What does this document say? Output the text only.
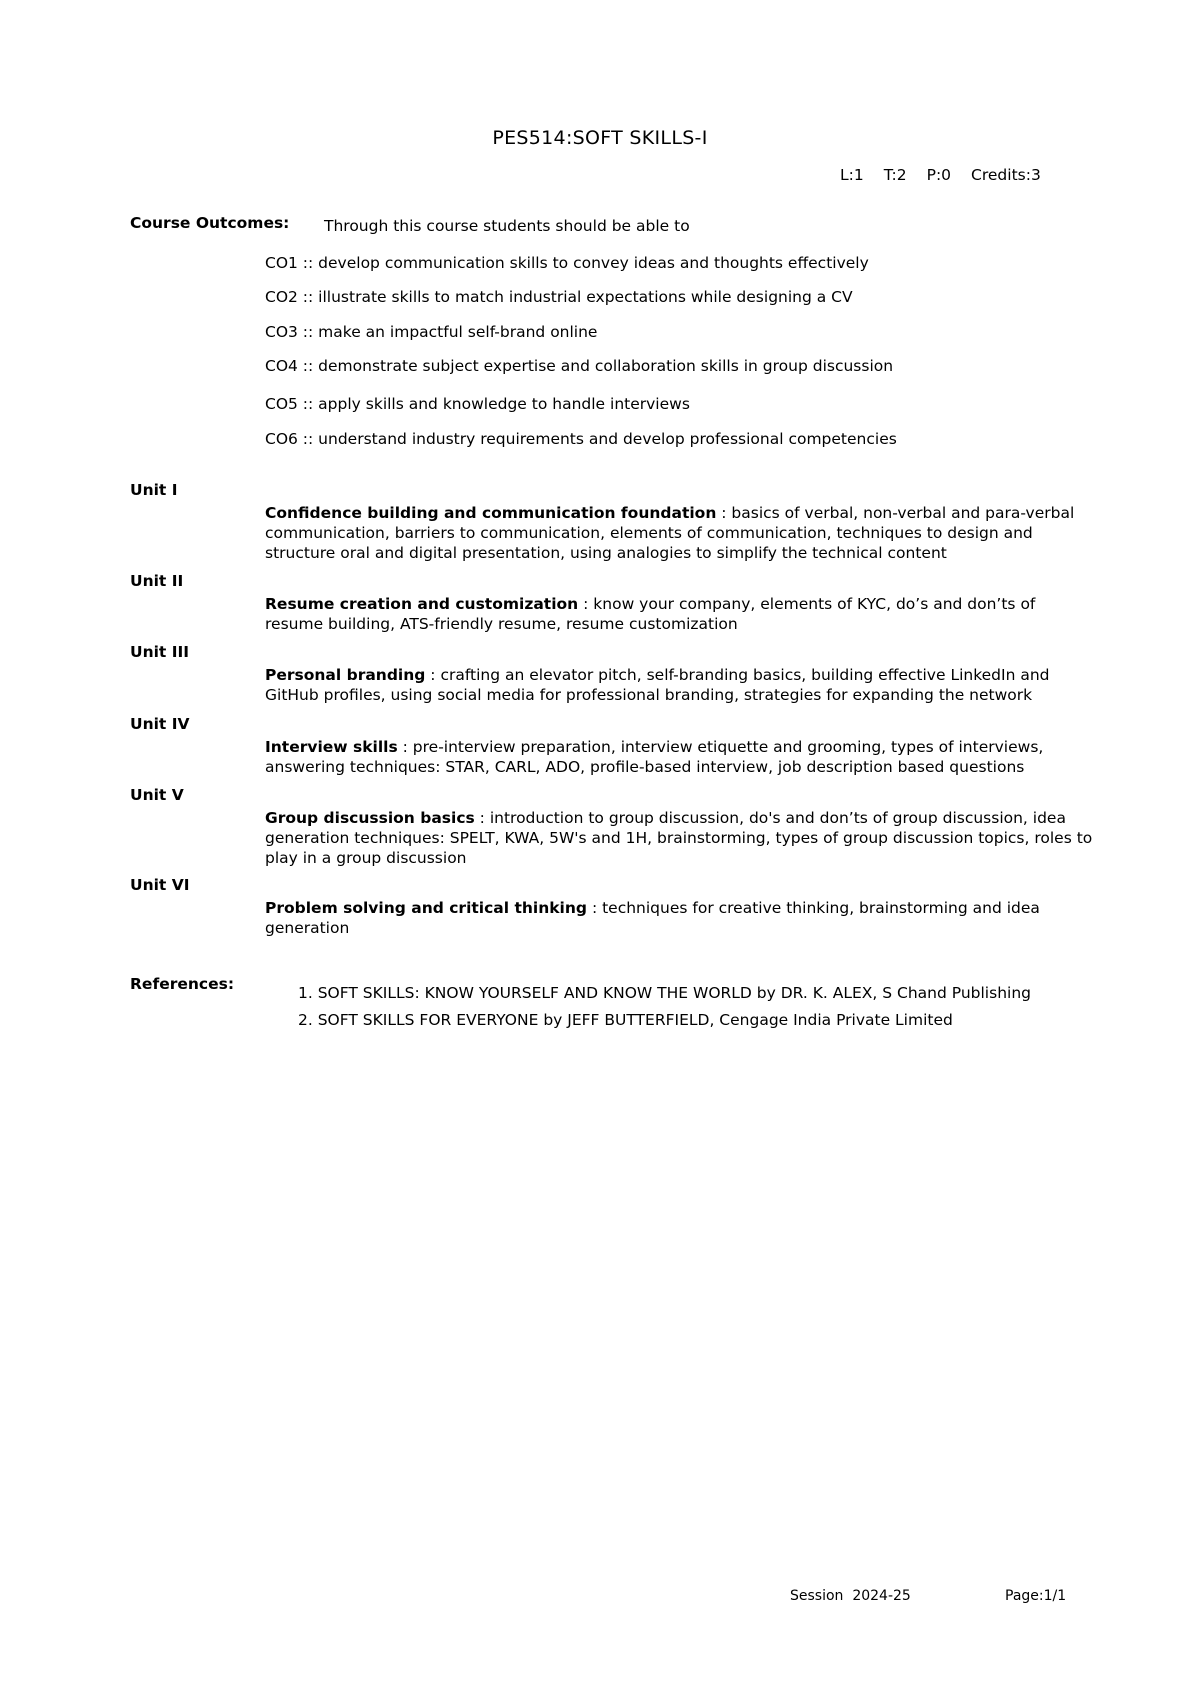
PES514:SOFT SKILLS-I
L:1 T:2 P:0 Credits:3
Course Outcomes: Through this course students should be able to
CO1 :: develop communication skills to convey ideas and thoughts effectively
CO2 :: illustrate skills to match industrial expectations while designing a CV
CO3 :: make an impactful self-brand online
CO4 :: demonstrate subject expertise and collaboration skills in group discussion
CO5 :: apply skills and knowledge to handle interviews
CO6 :: understand industry requirements and develop professional competencies
Unit I
Confidence building and communication foundation : basics of verbal, non-verbal and para-verbal communication, barriers to communication, elements of communication, techniques to design and structure oral and digital presentation, using analogies to simplify the technical content
Unit II
Resume creation and customization : know your company, elements of KYC, do’s and don’ts of resume building, ATS-friendly resume, resume customization
Unit III
Personal branding : crafting an elevator pitch, self-branding basics, building effective LinkedIn and GitHub profiles, using social media for professional branding, strategies for expanding the network
Unit IV
Interview skills : pre-interview preparation, interview etiquette and grooming, types of interviews, answering techniques: STAR, CARL, ADO, profile-based interview, job description based questions
Unit V
Group discussion basics : introduction to group discussion, do's and don’ts of group discussion, idea generation techniques: SPELT, KWA, 5W's and 1H, brainstorming, types of group discussion topics, roles to play in a group discussion
Unit VI
Problem solving and critical thinking : techniques for creative thinking, brainstorming and idea generation
References:	1. SOFT SKILLS: KNOW YOURSELF AND KNOW THE WORLD by DR. K. ALEX, S Chand Publishing
2. SOFT SKILLS FOR EVERYONE by JEFF BUTTERFIELD, Cengage India Private Limited
Session  2024-25	Page:1/1
